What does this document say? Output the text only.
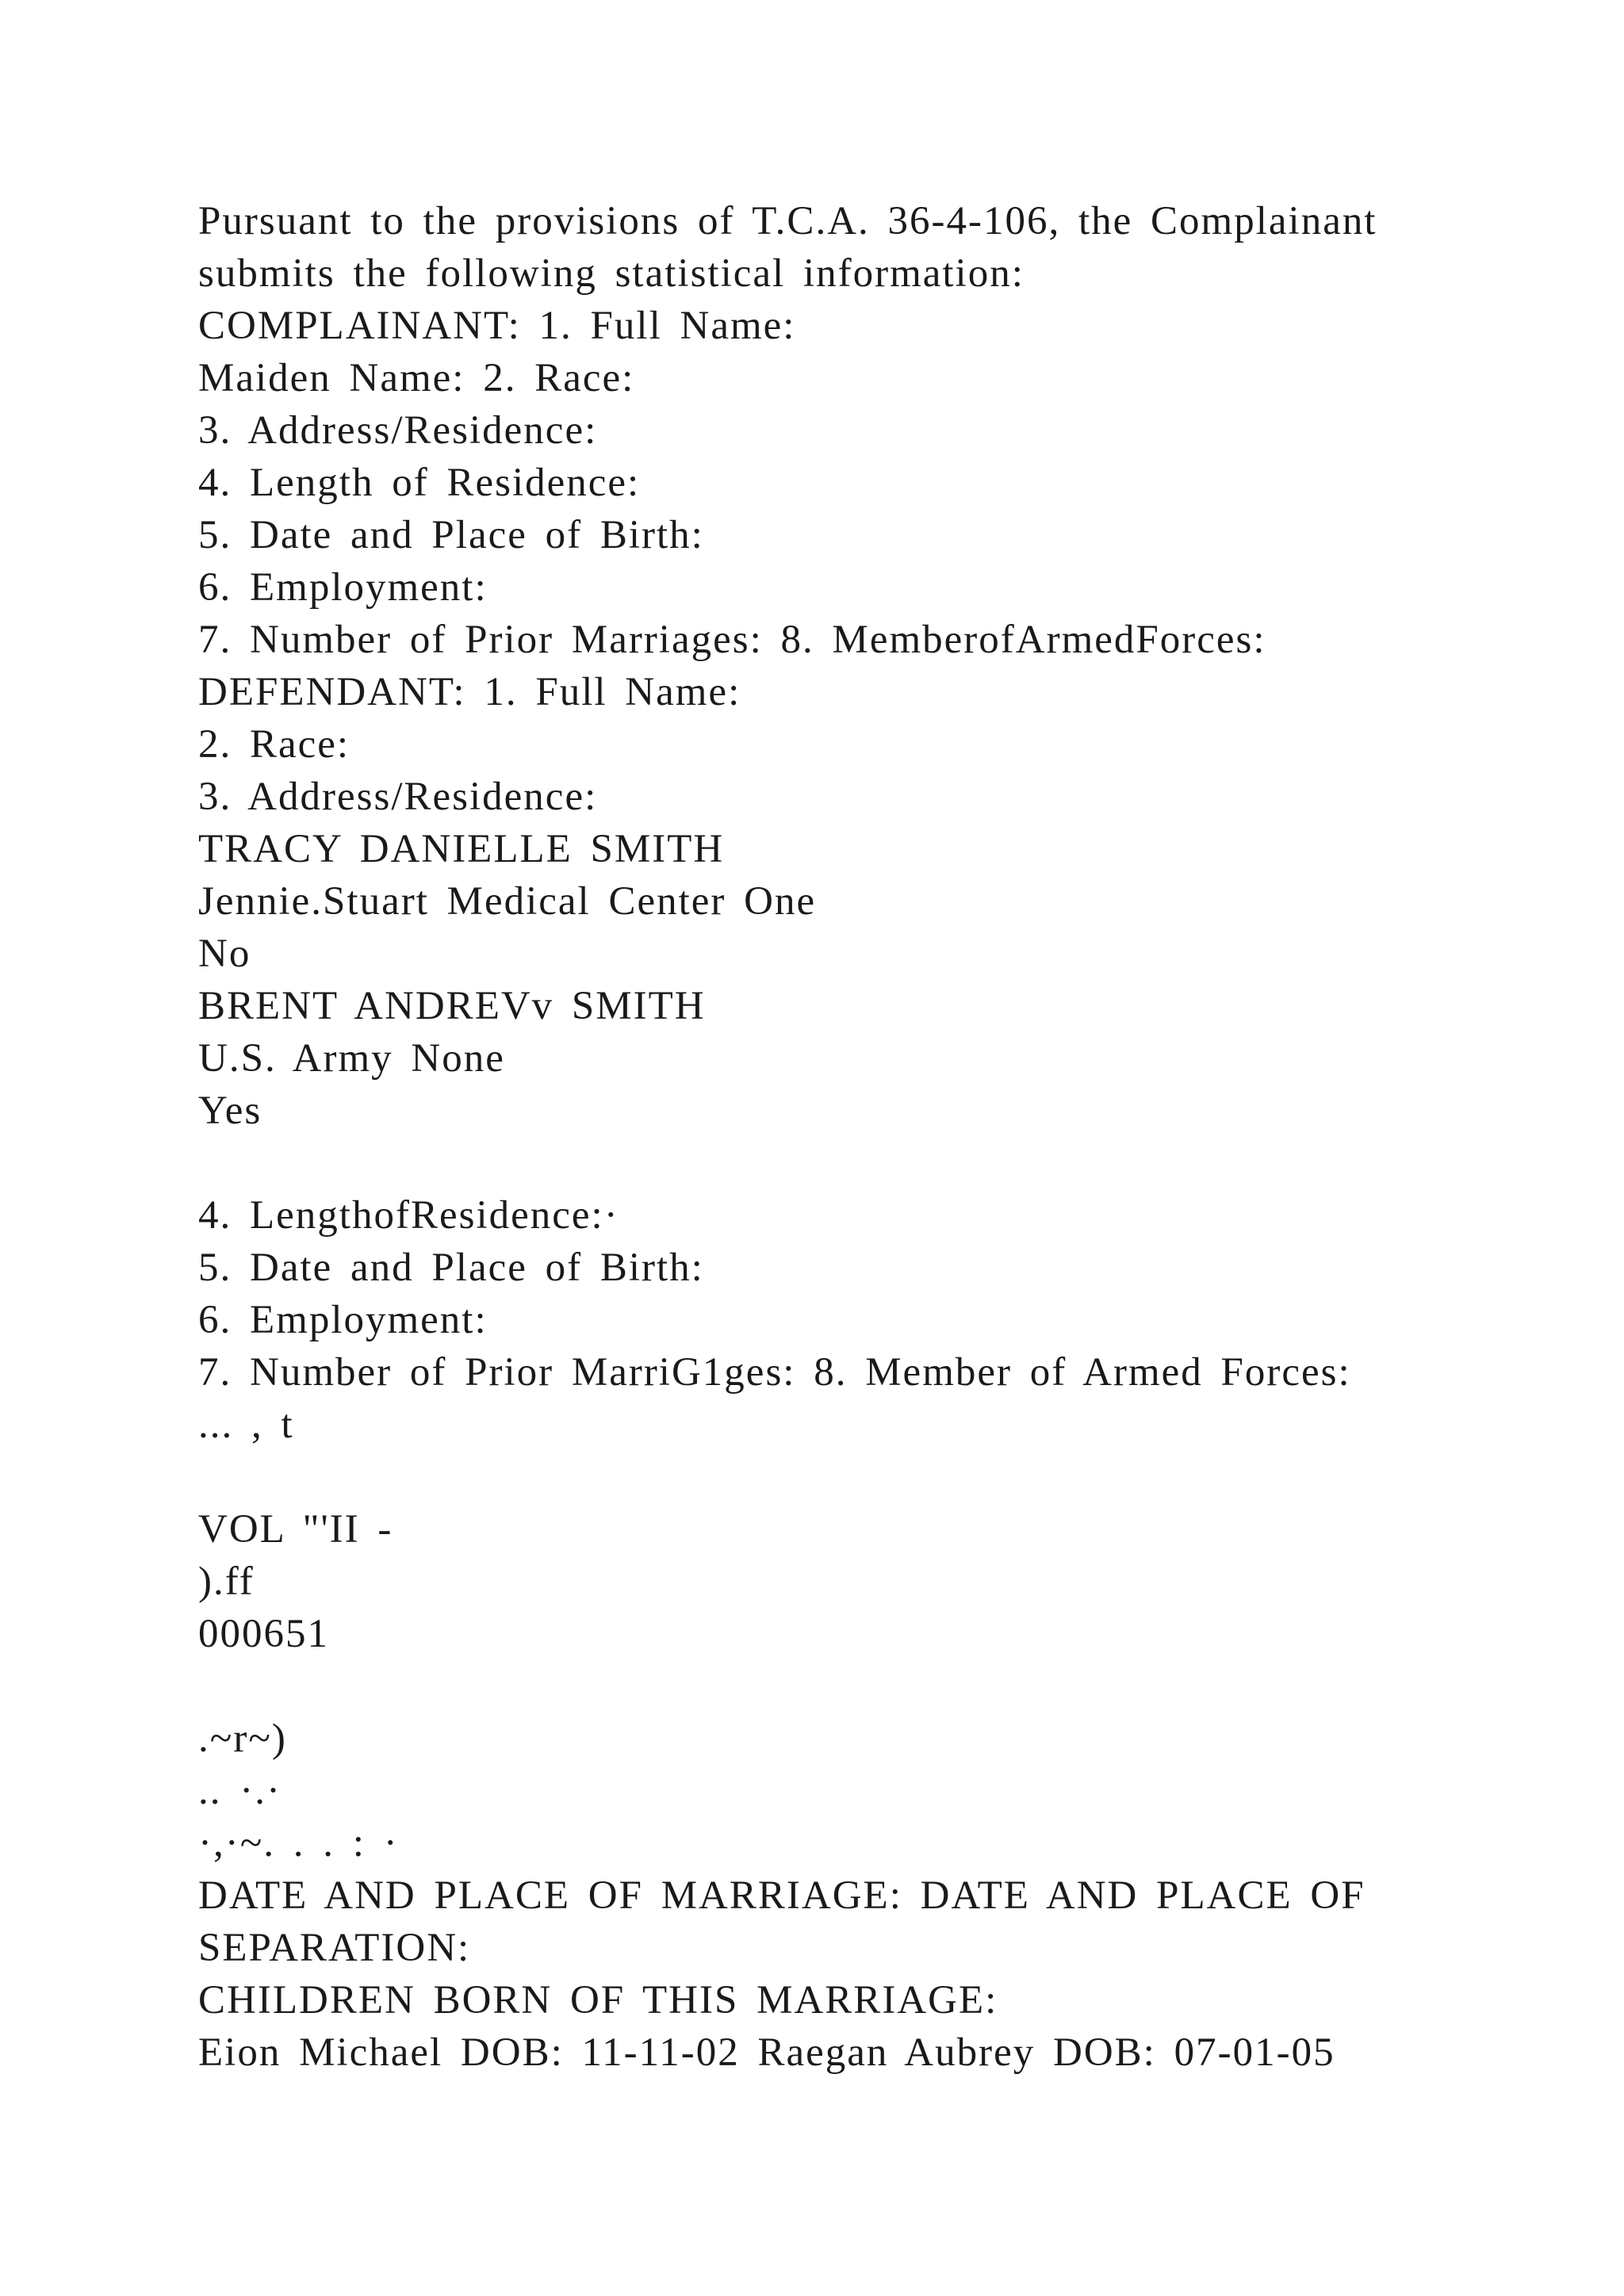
Pursuant to the provisions of T.C.A. 36-4-106, the Complainant
submits the following statistical information:
COMPLAINANT: 1. Full Name:
Maiden Name: 2. Race:
3. Address/Residence:
4. Length of Residence:
5. Date and Place of Birth:
6. Employment:
7. Number of Prior Marriages: 8. MemberofArmedForces:
DEFENDANT: 1. Full Name:
2. Race:
3. Address/Residence:
TRACY DANIELLE SMITH
Jennie.Stuart Medical Center One
No
BRENT ANDREVv SMITH
U.S. Army None
Yes
4. LengthofResidence:·
5. Date and Place of Birth:
6. Employment:
7. Number of Prior MarriG1ges: 8. Member of Armed Forces:
... , t
VOL "'II -
).ff
000651
.~r~)
.. ·.·
·,·~. . . : ·
DATE AND PLACE OF MARRIAGE: DATE AND PLACE OF
SEPARATION:
CHILDREN BORN OF THIS MARRIAGE:
Eion Michael DOB: 11-11-02 Raegan Aubrey DOB: 07-01-05
